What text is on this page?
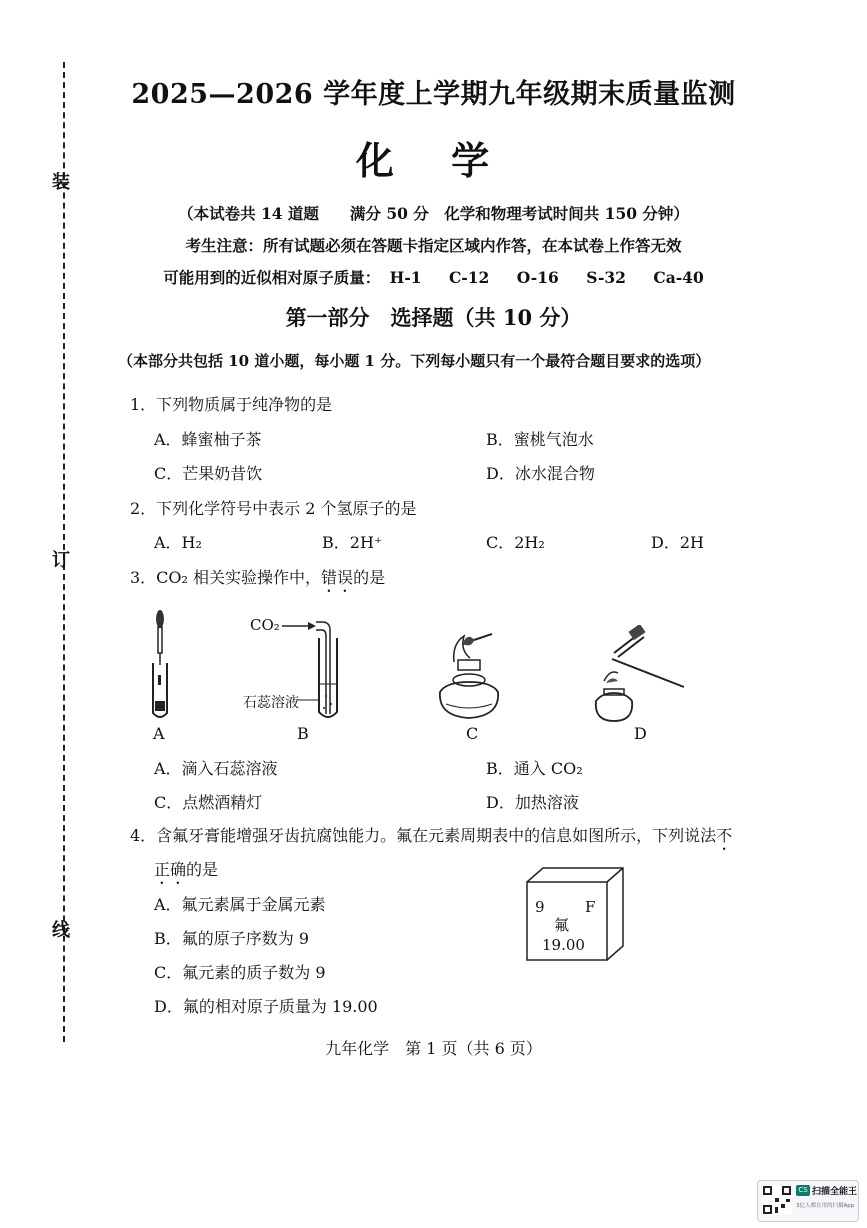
装
订
线
2025—2026 学年度上学期九年级期末质量监测
化 学
（本试卷共 14 道题　　满分 50 分　化学和物理考试时间共 150 分钟）
考生注意：所有试题必须在答题卡指定区域内作答，在本试卷上作答无效
可能用到的近似相对原子质量： H-1 C-12 O-16 S-32 Ca-40
第一部分　选择题（共 10 分）
（本部分共包括 10 道小题，每小题 1 分。下列每小题只有一个最符合题目要求的选项）
1．下列物质属于纯净物的是
A．蜂蜜柚子茶	B．蜜桃气泡水
C．芒果奶昔饮	D．冰水混合物
2．下列化学符号中表示 2 个氢原子的是
A．H₂	B．2H⁺	C．2H₂	D．2H
3．CO₂ 相关实验操作中，错误的是
A
CO₂
石蕊溶液
B	C	D
A．滴入石蕊溶液	B．通入 CO₂
C．点燃酒精灯	D．加热溶液
4．含氟牙膏能增强牙齿抗腐蚀能力。氟在元素周期表中的信息如图所示，下列说法不
正确的是
9	F
氟
19.00
A．氟元素属于金属元素
B．氟的原子序数为 9
C．氟元素的质子数为 9
D．氟的相对原子质量为 19.00
九年化学　第 1 页（共 6 页）
CS 扫描全能王
3亿人都在用的扫描App
